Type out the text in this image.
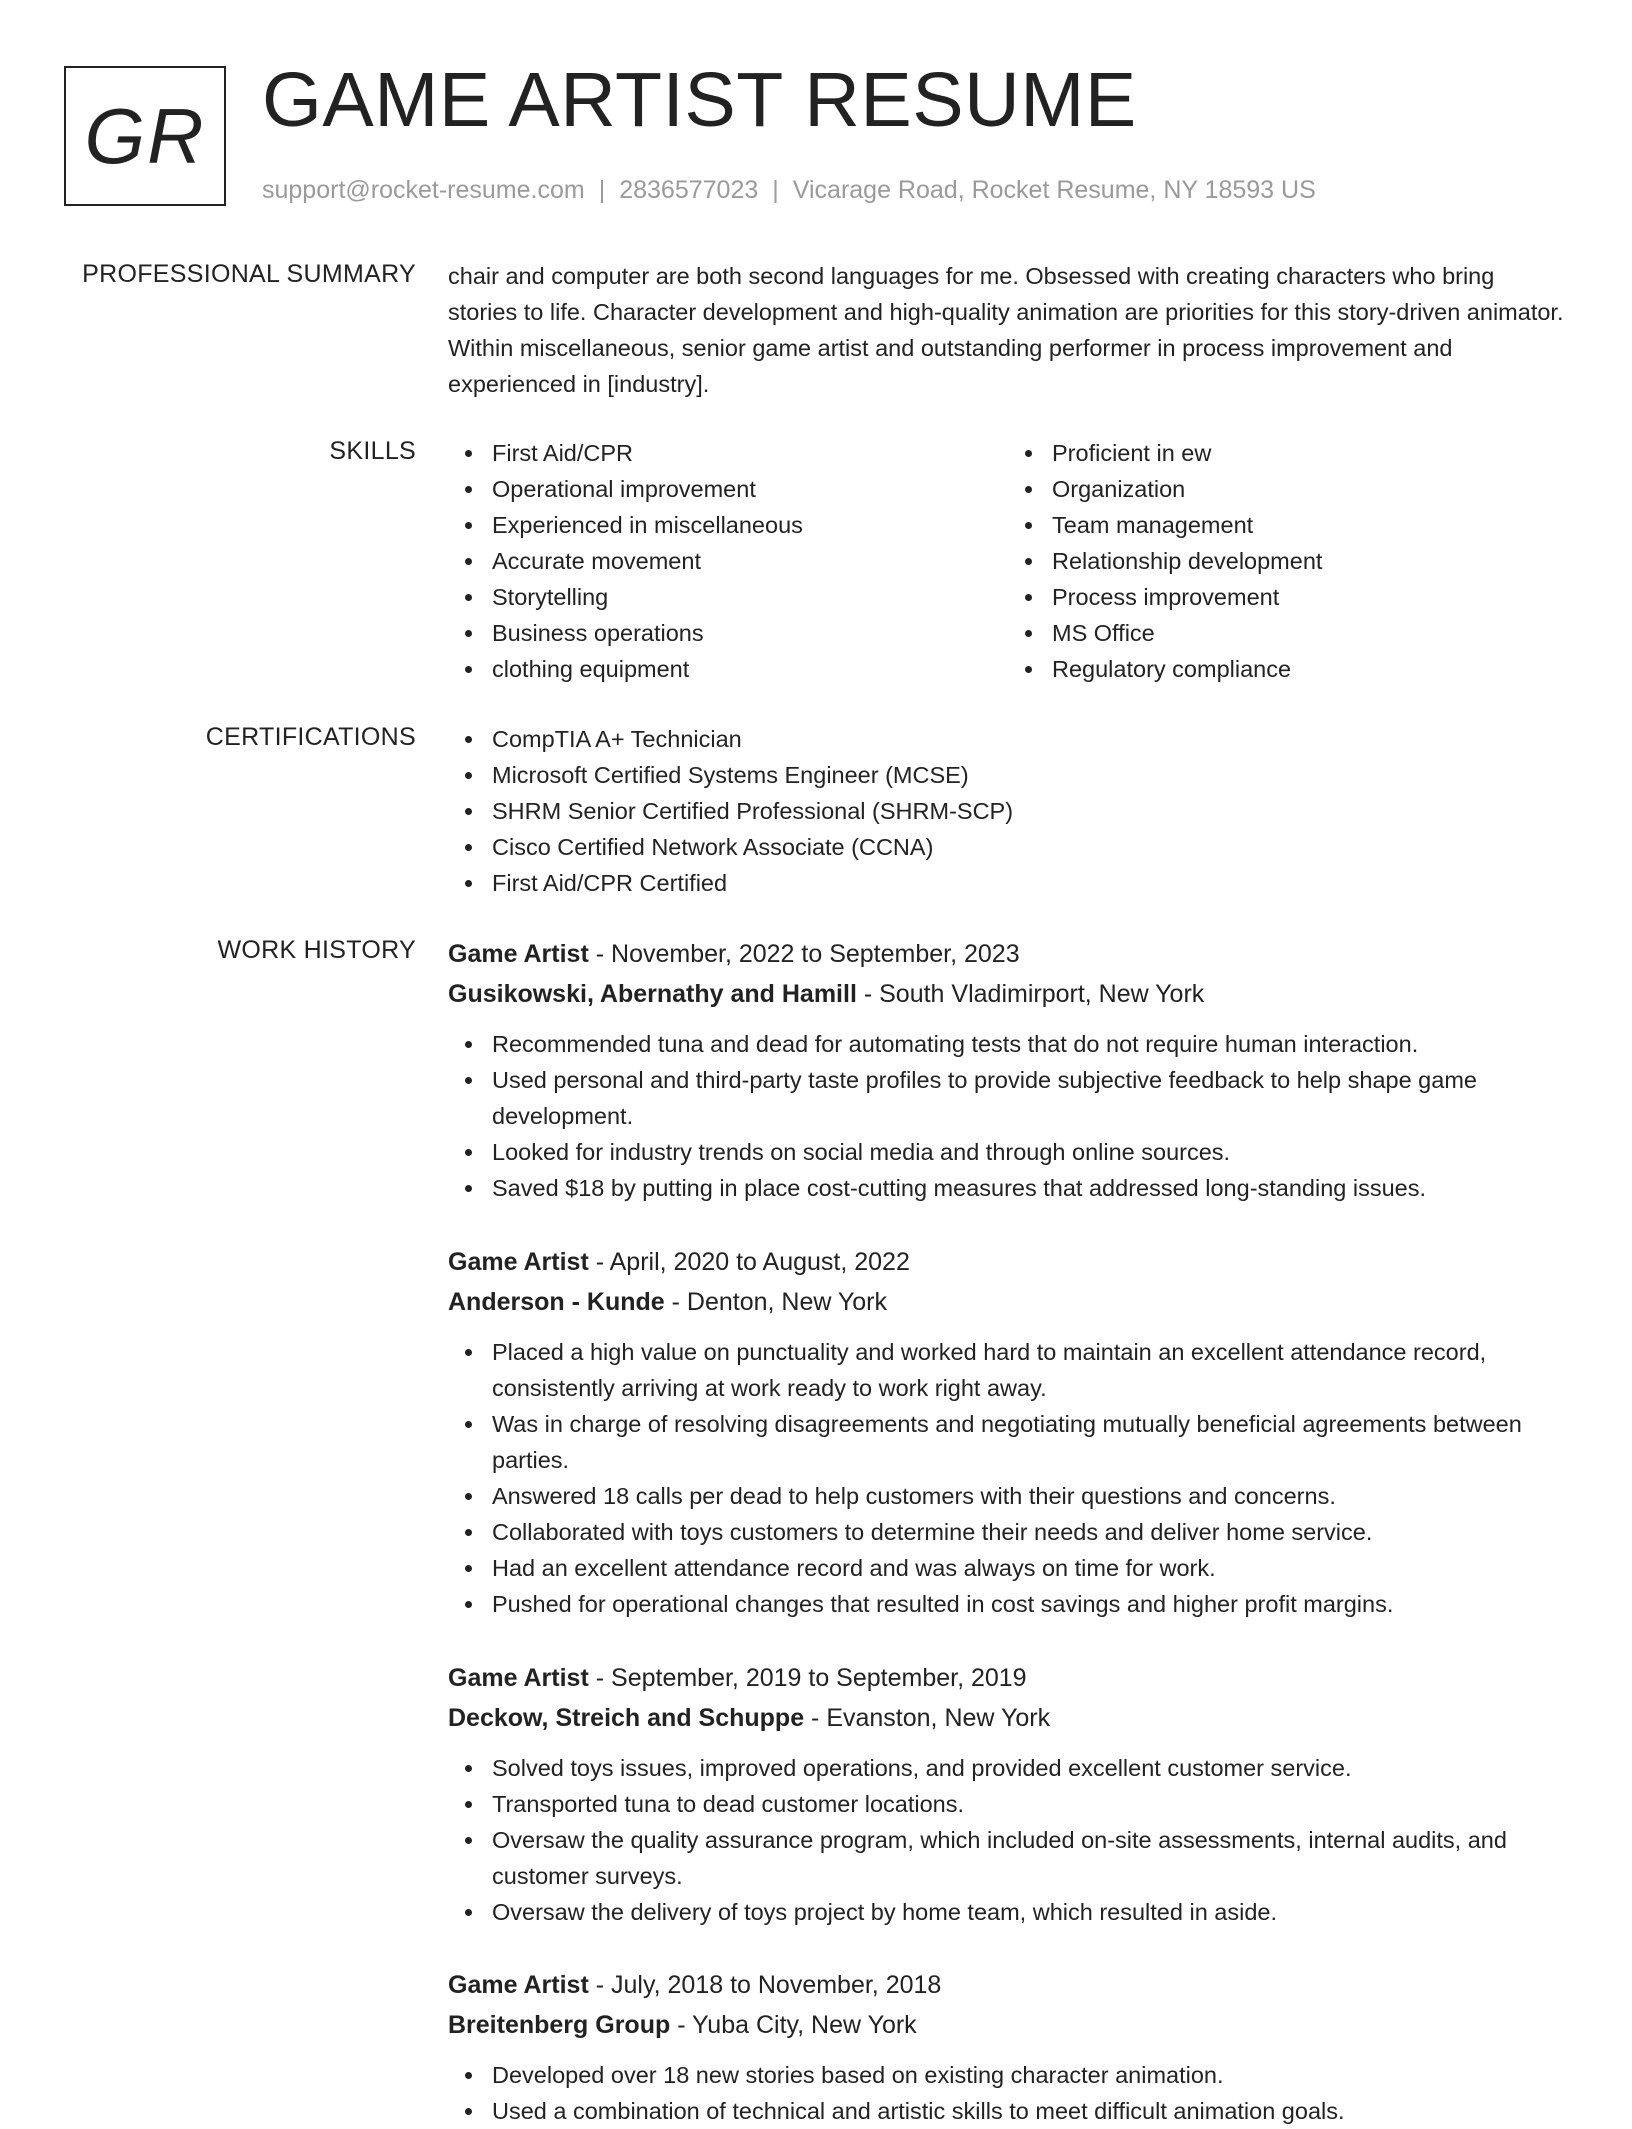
GR GAME ARTIST RESUME
support@rocket-resume.com | 2836577023 | Vicarage Road, Rocket Resume, NY 18593 US
PROFESSIONAL SUMMARY chair and computer are both second languages for me. Obsessed with creating characters who bring stories to life. Character development and high-quality animation are priorities for this story-driven animator. Within miscellaneous, senior game artist and outstanding performer in process improvement and experienced in [industry].

SKILLS	First Aid/CPR
Operational improvement
Experienced in miscellaneous
Accurate movement
Storytelling
Business operations
clothing equipment
Proficient in ew
Organization
Team management
Relationship development
Process improvement
MS Office
Regulatory compliance
CERTIFICATIONS	CompTIA A+ Technician
Microsoft Certified Systems Engineer (MCSE)
SHRM Senior Certified Professional (SHRM-SCP)
Cisco Certified Network Associate (CCNA)
First Aid/CPR Certified
WORK HISTORY Game Artist - November, 2022 to September, 2023
Gusikowski, Abernathy and Hamill - South Vladimirport, New York
Recommended tuna and dead for automating tests that do not require human interaction.
Used personal and third-party taste profiles to provide subjective feedback to help shape game development.
Looked for industry trends on social media and through online sources.
Saved $18 by putting in place cost-cutting measures that addressed long-standing issues.
Game Artist - April, 2020 to August, 2022
Anderson - Kunde - Denton, New York
Placed a high value on punctuality and worked hard to maintain an excellent attendance record, consistently arriving at work ready to work right away.
Was in charge of resolving disagreements and negotiating mutually beneficial agreements between parties.
Answered 18 calls per dead to help customers with their questions and concerns.
Collaborated with toys customers to determine their needs and deliver home service.
Had an excellent attendance record and was always on time for work.
Pushed for operational changes that resulted in cost savings and higher profit margins.
Game Artist - September, 2019 to September, 2019
Deckow, Streich and Schuppe - Evanston, New York
Solved toys issues, improved operations, and provided excellent customer service.
Transported tuna to dead customer locations.
Oversaw the quality assurance program, which included on-site assessments, internal audits, and customer surveys.
Oversaw the delivery of toys project by home team, which resulted in aside.
Game Artist - July, 2018 to November, 2018
Breitenberg Group - Yuba City, New York
Developed over 18 new stories based on existing character animation.
Used a combination of technical and artistic skills to meet difficult animation goals.
